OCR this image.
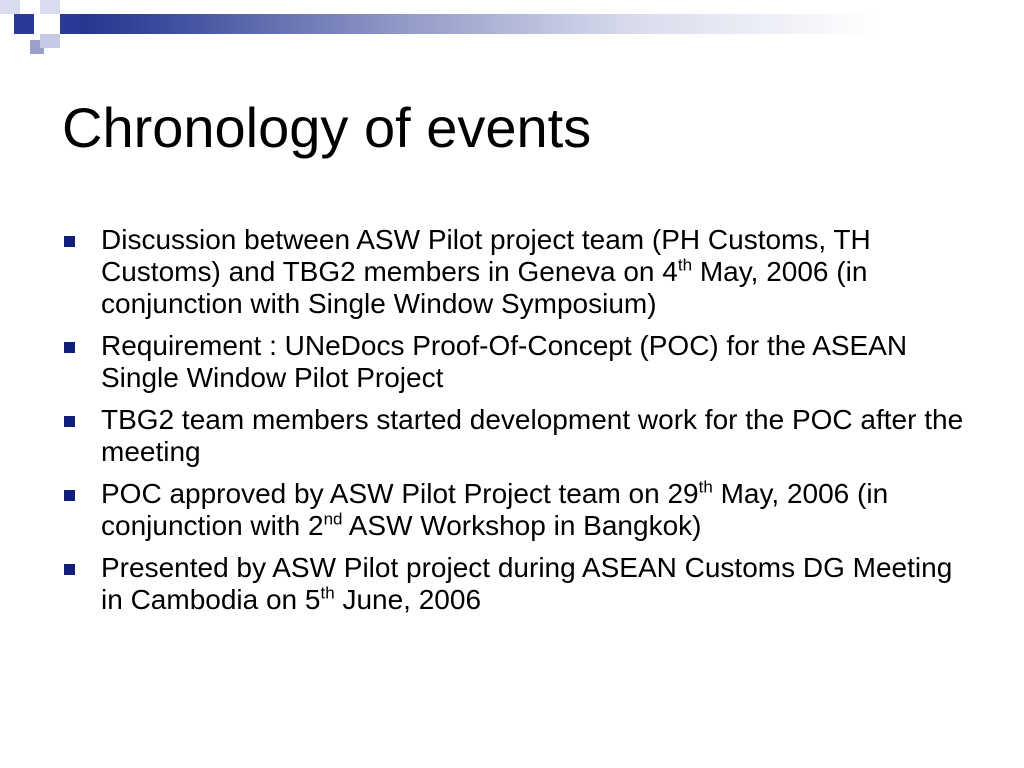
Chronology of events
Discussion between ASW Pilot project team (PH Customs, TH Customs) and TBG2 members in Geneva on 4th May, 2006 (in conjunction with Single Window Symposium)
Requirement : UNeDocs Proof-Of-Concept (POC) for the ASEAN Single Window Pilot Project
TBG2 team members started development work for the POC after the meeting
POC approved by ASW Pilot Project team on 29th May, 2006 (in conjunction with 2nd ASW Workshop in Bangkok)
Presented by ASW Pilot project during ASEAN Customs DG Meeting in Cambodia on 5th June, 2006
